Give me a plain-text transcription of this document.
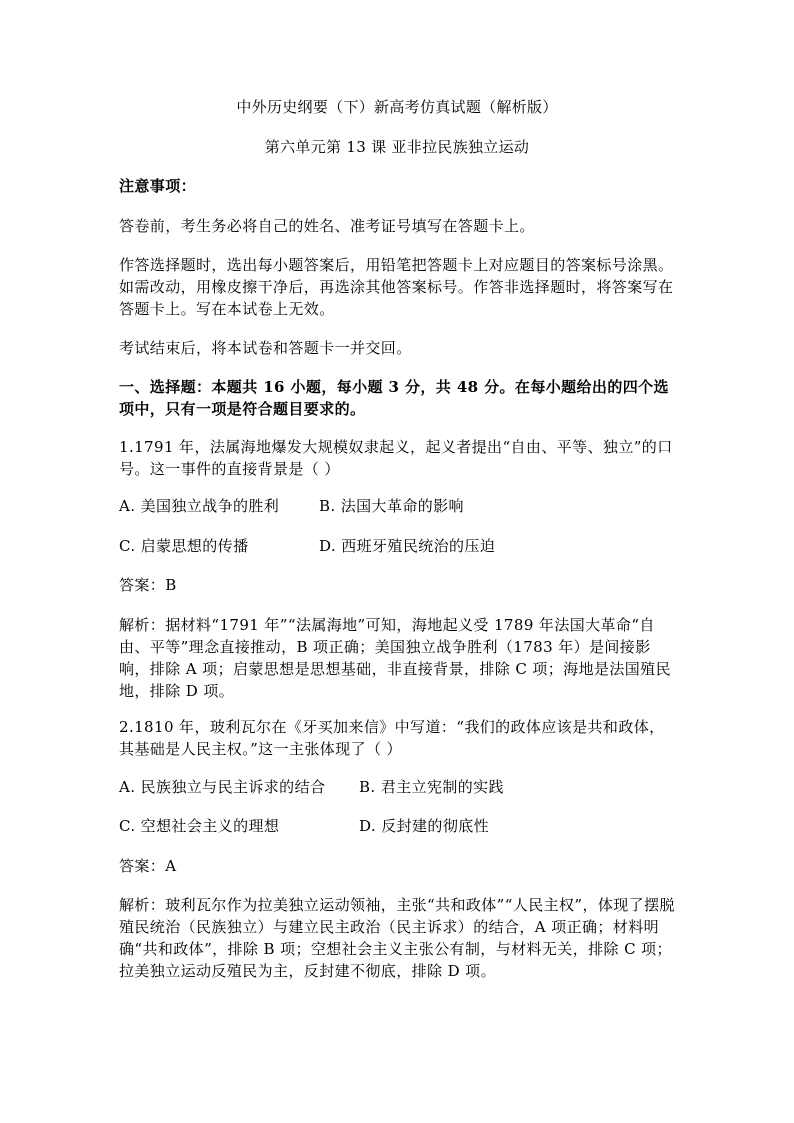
中外历史纲要（下）新高考仿真试题（解析版）
第六单元第 13 课 亚非拉民族独立运动
注意事项：
答卷前，考生务必将自己的姓名、准考证号填写在答题卡上。
作答选择题时，选出每小题答案后，用铅笔把答题卡上对应题目的答案标号涂黑。如需改动，用橡皮擦干净后，再选涂其他答案标号。作答非选择题时，将答案写在答题卡上。写在本试卷上无效。
考试结束后，将本试卷和答题卡一并交回。
一、选择题：本题共 16 小题，每小题 3 分，共 48 分。在每小题给出的四个选项中，只有一项是符合题目要求的。
1.1791 年，法属海地爆发大规模奴隶起义，起义者提出“自由、平等、独立”的口号。这一事件的直接背景是（ ）
A. 美国独立战争的胜利	B. 法国大革命的影响
C. 启蒙思想的传播	D. 西班牙殖民统治的压迫
答案：B
解析：据材料“1791 年”“法属海地”可知，海地起义受 1789 年法国大革命“自由、平等”理念直接推动，B 项正确；美国独立战争胜利（1783 年）是间接影响，排除 A 项；启蒙思想是思想基础，非直接背景，排除 C 项；海地是法国殖民地，排除 D 项。
2.1810 年，玻利瓦尔在《牙买加来信》中写道：“我们的政体应该是共和政体，其基础是人民主权。”这一主张体现了（ ）
A. 民族独立与民主诉求的结合 B. 君主立宪制的实践
C. 空想社会主义的理想	D. 反封建的彻底性
答案：A
解析：玻利瓦尔作为拉美独立运动领袖，主张“共和政体”“人民主权”，体现了摆脱殖民统治（民族独立）与建立民主政治（民主诉求）的结合，A 项正确；材料明确“共和政体”，排除 B 项；空想社会主义主张公有制，与材料无关，排除 C 项；拉美独立运动反殖民为主，反封建不彻底，排除 D 项。
